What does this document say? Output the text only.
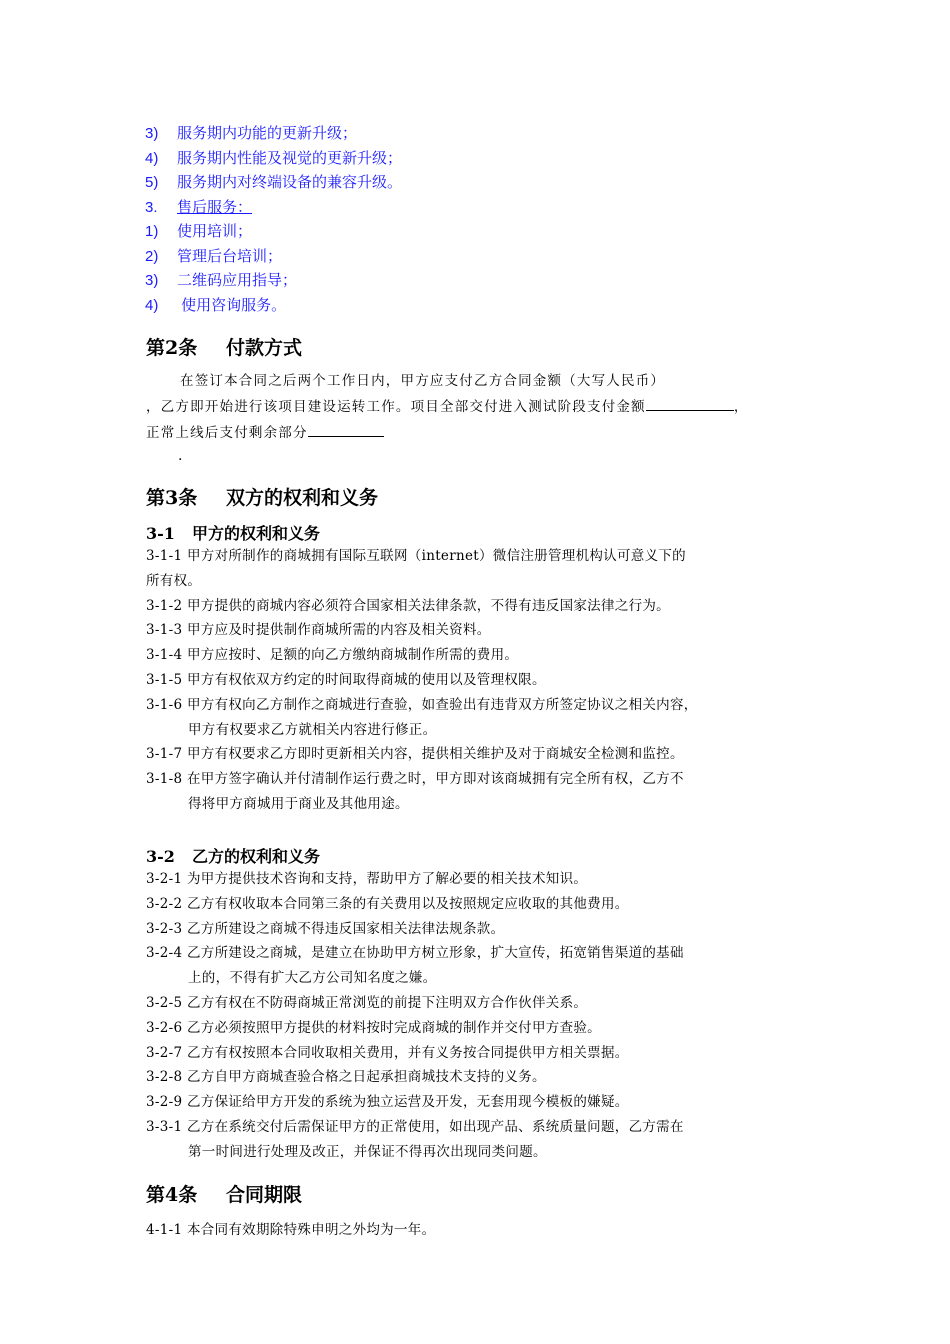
3) 服务期内功能的更新升级；
4) 服务期内性能及视觉的更新升级；
5) 服务期内对终端设备的兼容升级。
3. 售后服务：
1) 使用培训；
2) 管理后台培训；
3) 二维码应用指导；
4) 使用咨询服务。
第2条 付款方式
在签订本合同之后两个工作日内，甲方应支付乙方合同金额（大写人民币）
，乙方即开始进行该项目建设运转工作。项目全部交付进入测试阶段支付金额	，
正常上线后支付剩余部分
.
第3条 双方的权利和义务
3-1 甲方的权利和义务
3-1-1 甲方对所制作的商城拥有国际互联网（internet）微信注册管理机构认可意义下的
所有权。
3-1-2 甲方提供的商城内容必须符合国家相关法律条款，不得有违反国家法律之行为。
3-1-3 甲方应及时提供制作商城所需的内容及相关资料。
3-1-4 甲方应按时、足额的向乙方缴纳商城制作所需的费用。
3-1-5 甲方有权依双方约定的时间取得商城的使用以及管理权限。
3-1-6 甲方有权向乙方制作之商城进行查验，如查验出有违背双方所签定协议之相关内容，
甲方有权要求乙方就相关内容进行修正。
3-1-7 甲方有权要求乙方即时更新相关内容，提供相关维护及对于商城安全检测和监控。
3-1-8 在甲方签字确认并付清制作运行费之时，甲方即对该商城拥有完全所有权，乙方不
得将甲方商城用于商业及其他用途。
3-2 乙方的权利和义务
3-2-1 为甲方提供技术咨询和支持，帮助甲方了解必要的相关技术知识。
3-2-2 乙方有权收取本合同第三条的有关费用以及按照规定应收取的其他费用。
3-2-3 乙方所建设之商城不得违反国家相关法律法规条款。
3-2-4 乙方所建设之商城，是建立在协助甲方树立形象，扩大宣传，拓宽销售渠道的基础
上的，不得有扩大乙方公司知名度之嫌。
3-2-5 乙方有权在不防碍商城正常浏览的前提下注明双方合作伙伴关系。
3-2-6 乙方必须按照甲方提供的材料按时完成商城的制作并交付甲方查验。
3-2-7 乙方有权按照本合同收取相关费用，并有义务按合同提供甲方相关票据。
3-2-8 乙方自甲方商城查验合格之日起承担商城技术支持的义务。
3-2-9 乙方保证给甲方开发的系统为独立运营及开发，无套用现今模板的嫌疑。
3-3-1 乙方在系统交付后需保证甲方的正常使用，如出现产品、系统质量问题，乙方需在
第一时间进行处理及改正，并保证不得再次出现同类问题。
第4条 合同期限
4-1-1 本合同有效期除特殊申明之外均为一年。
